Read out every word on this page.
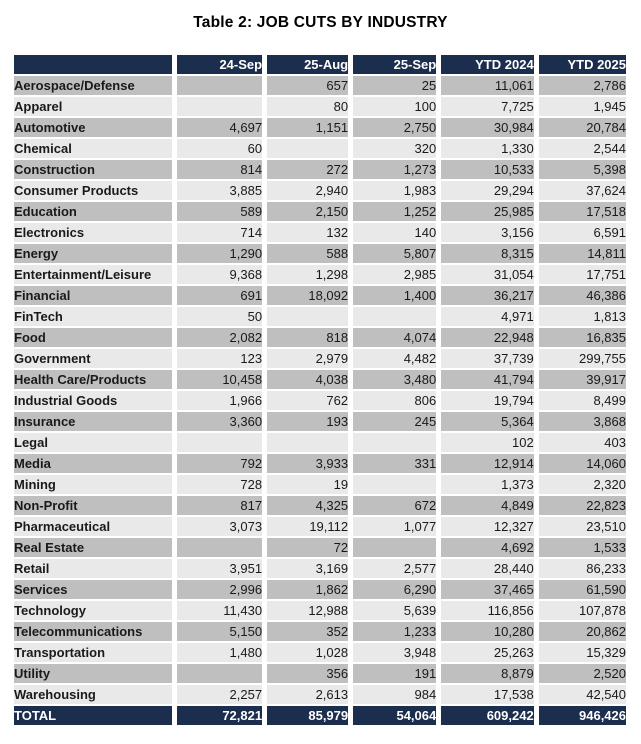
Table 2: JOB CUTS BY INDUSTRY
	24-Sep	25-Aug	25-Sep	YTD 2024	YTD 2025
Aerospace/Defense		657	25	11,061	2,786
Apparel		80	100	7,725	1,945
Automotive	4,697	1,151	2,750	30,984	20,784
Chemical	60		320	1,330	2,544
Construction	814	272	1,273	10,533	5,398
Consumer Products	3,885	2,940	1,983	29,294	37,624
Education	589	2,150	1,252	25,985	17,518
Electronics	714	132	140	3,156	6,591
Energy	1,290	588	5,807	8,315	14,811
Entertainment/Leisure	9,368	1,298	2,985	31,054	17,751
Financial	691	18,092	1,400	36,217	46,386
FinTech	50			4,971	1,813
Food	2,082	818	4,074	22,948	16,835
Government	123	2,979	4,482	37,739	299,755
Health Care/Products	10,458	4,038	3,480	41,794	39,917
Industrial Goods	1,966	762	806	19,794	8,499
Insurance	3,360	193	245	5,364	3,868
Legal				102	403
Media	792	3,933	331	12,914	14,060
Mining	728	19		1,373	2,320
Non-Profit	817	4,325	672	4,849	22,823
Pharmaceutical	3,073	19,112	1,077	12,327	23,510
Real Estate		72		4,692	1,533
Retail	3,951	3,169	2,577	28,440	86,233
Services	2,996	1,862	6,290	37,465	61,590
Technology	11,430	12,988	5,639	116,856	107,878
Telecommunications	5,150	352	1,233	10,280	20,862
Transportation	1,480	1,028	3,948	25,263	15,329
Utility		356	191	8,879	2,520
Warehousing	2,257	2,613	984	17,538	42,540
TOTAL	72,821	85,979	54,064	609,242	946,426
